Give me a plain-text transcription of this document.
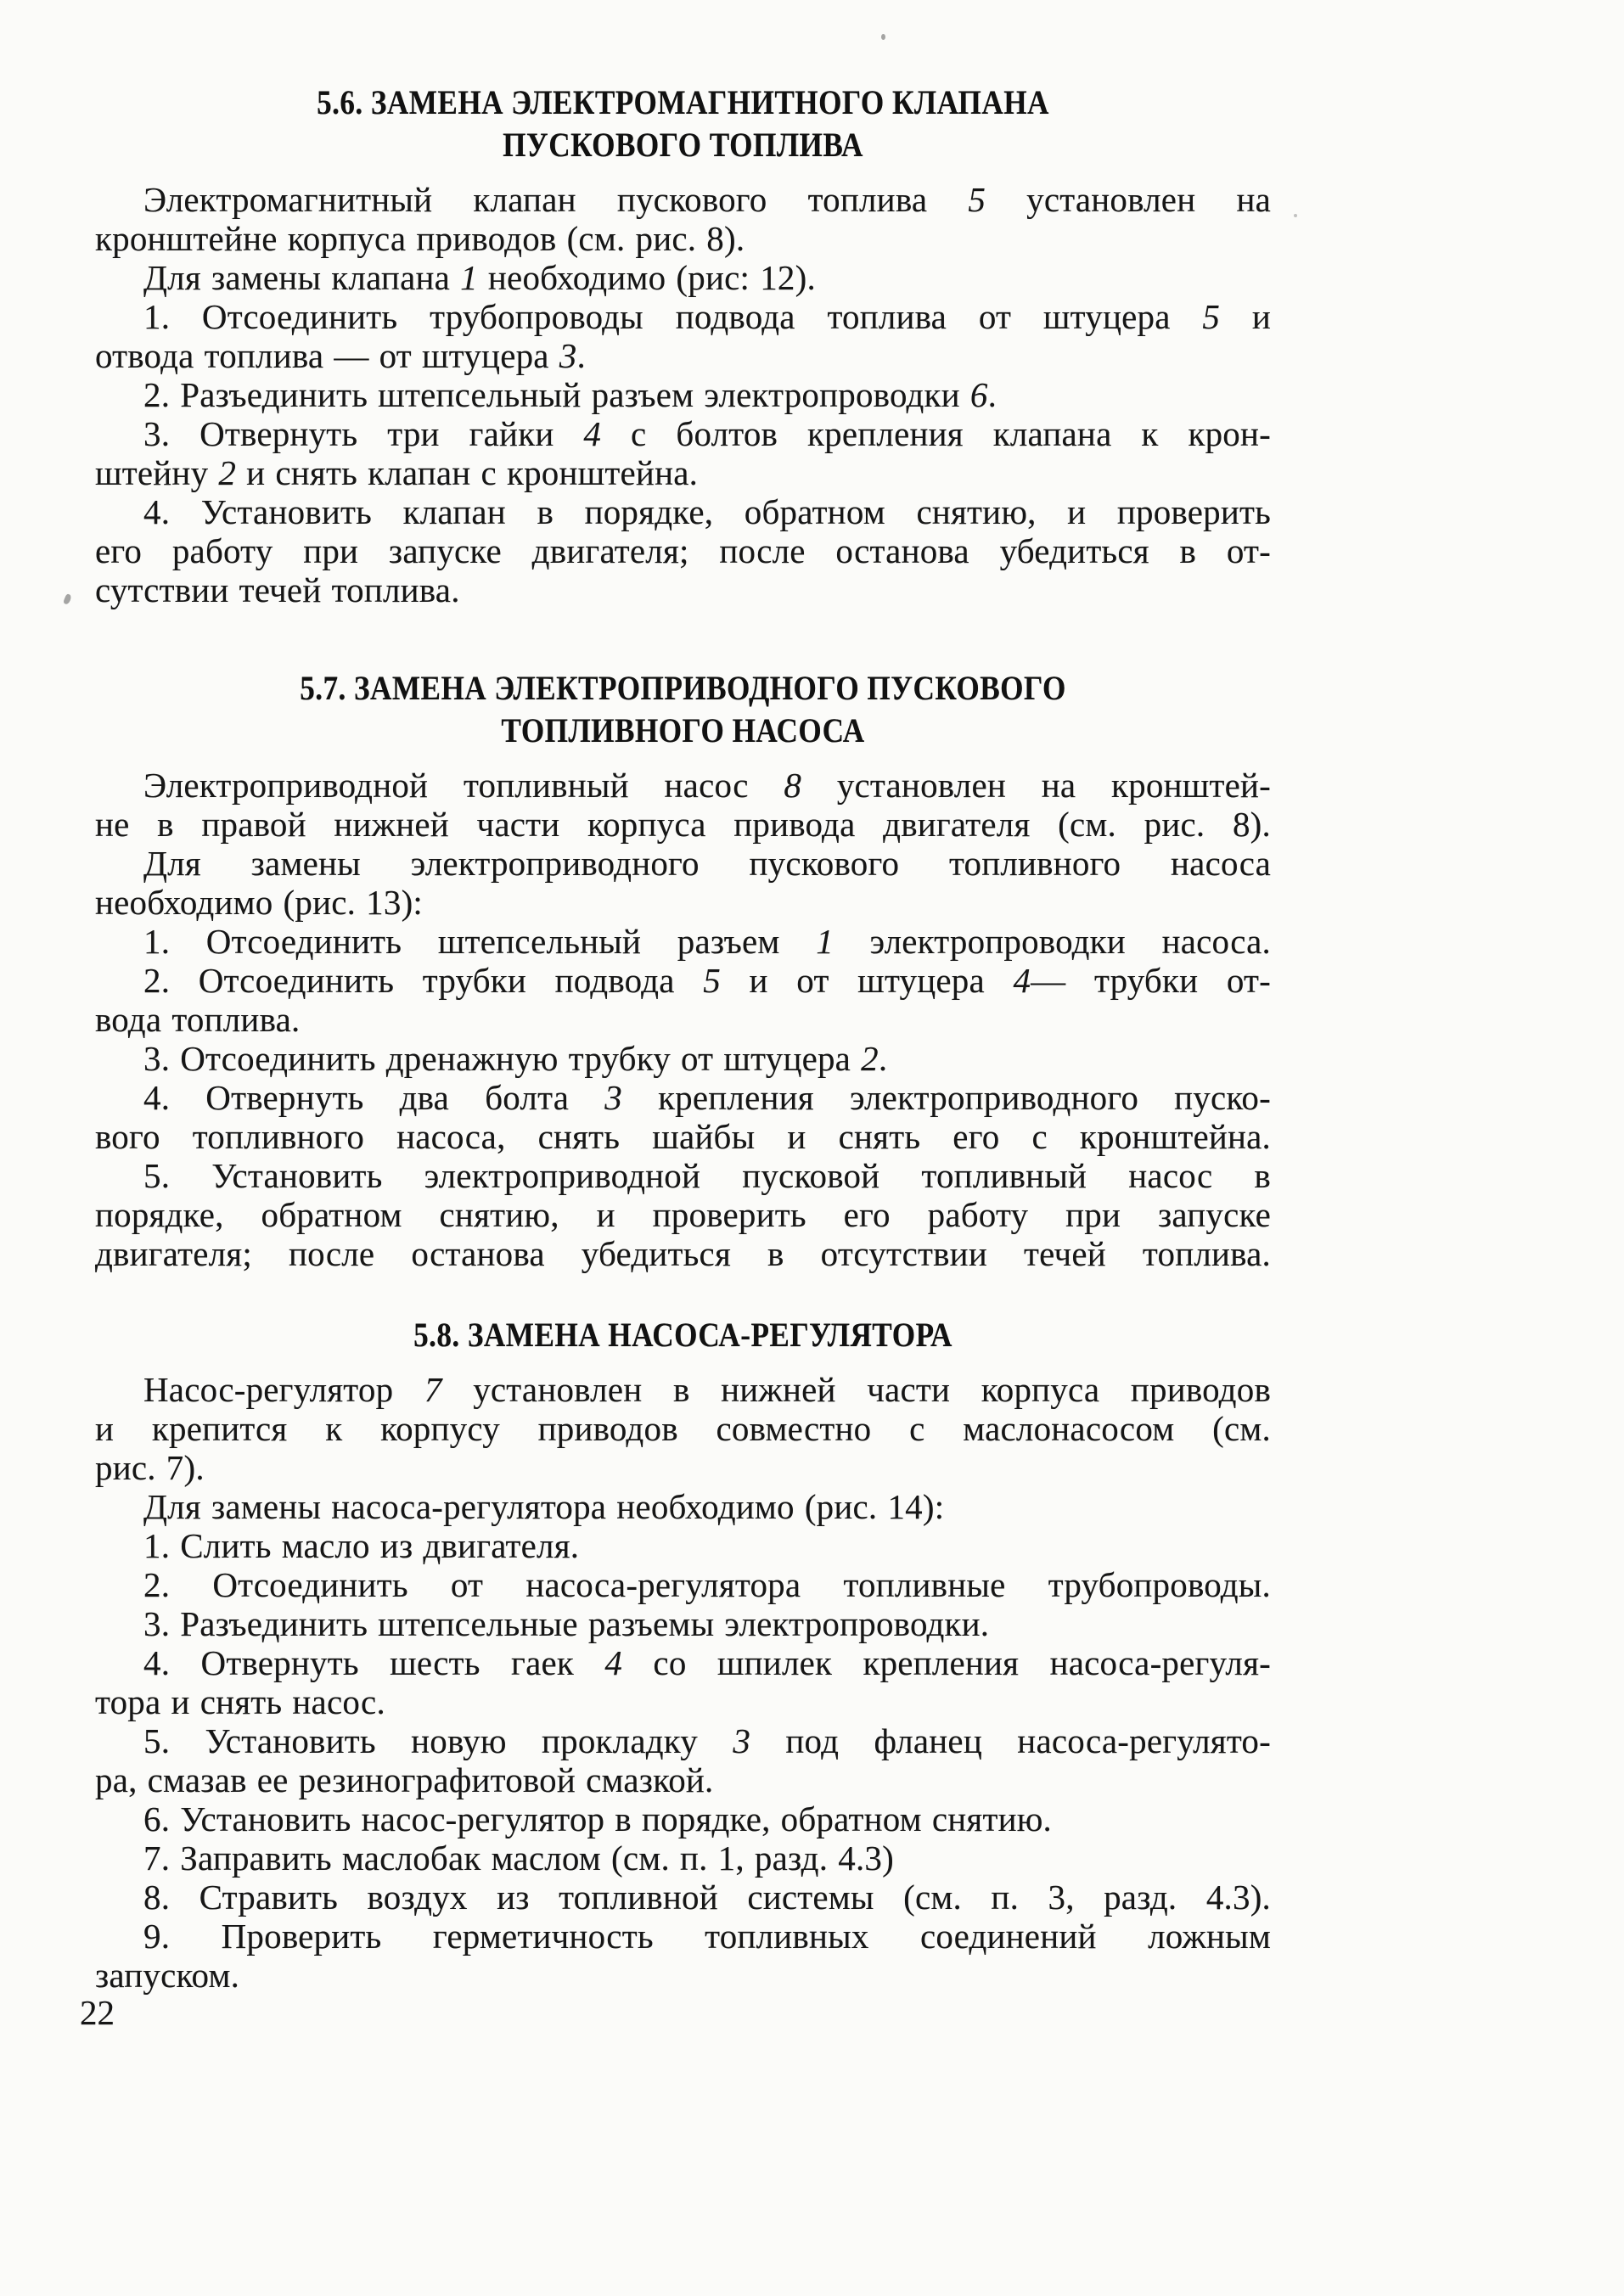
5.6. ЗАМЕНА ЭЛЕКТРОМАГНИТНОГО КЛАПАНА
ПУСКОВОГО ТОПЛИВА

Электромагнитный клапан пускового топлива 5 установлен на
кронштейне корпуса приводов (см. рис. 8).

Для замены клапана 1 необходимо (рис: 12).

1. Отсоединить трубопроводы подвода топлива от штуцера 5 и
отвода топлива — от штуцера 3.

2. Разъединить штепсельный разъем электропроводки 6.

3. Отвернуть три гайки 4 с болтов крепления клапана к крон-
штейну 2 и снять клапан с кронштейна.

4. Установить клапан в порядке, обратном снятию, и проверить
его работу при запуске двигателя; после останова убедиться в от-
сутствии течей топлива.

5.7. ЗАМЕНА ЭЛЕКТРОПРИВОДНОГО ПУСКОВОГО
ТОПЛИВНОГО НАСОСА

Электроприводной топливный насос 8 установлен на кронштей-
не в правой нижней части корпуса привода двигателя (см. рис. 8).

Для замены электроприводного пускового топливного насоса
необходимо (рис. 13):

1. Отсоединить штепсельный разъем 1 электропроводки насоса.

2. Отсоединить трубки подвода 5 и от штуцера 4— трубки от-
вода топлива.

3. Отсоединить дренажную трубку от штуцера 2.

4. Отвернуть два болта 3 крепления электроприводного пуско-
вого топливного насоса, снять шайбы и снять его с кронштейна.

5. Установить электроприводной пусковой топливный насос в
порядке, обратном снятию, и проверить его работу при запуске
двигателя; после останова убедиться в отсутствии течей топлива.

5.8. ЗАМЕНА НАСОСА-РЕГУЛЯТОРА

Насос-регулятор 7 установлен в нижней части корпуса приводов
и крепится к корпусу приводов совместно с маслонасосом (см.
рис. 7).

Для замены насоса-регулятора необходимо (рис. 14):

1. Слить масло из двигателя.

2. Отсоединить от насоса-регулятора топливные трубопроводы.

3. Разъединить штепсельные разъемы электропроводки.

4. Отвернуть шесть гаек 4 со шпилек крепления насоса-регуля-
тора и снять насос.

5. Установить новую прокладку 3 под фланец насоса-регулято-
ра, смазав ее резинографитовой смазкой.

6. Установить насос-регулятор в порядке, обратном снятию.

7. Заправить маслобак маслом (см. п. 1, разд. 4.3)

8. Стравить воздух из топливной системы (см. п. 3, разд. 4.3).

9. Проверить герметичность топливных соединений ложным
запуском.

22
